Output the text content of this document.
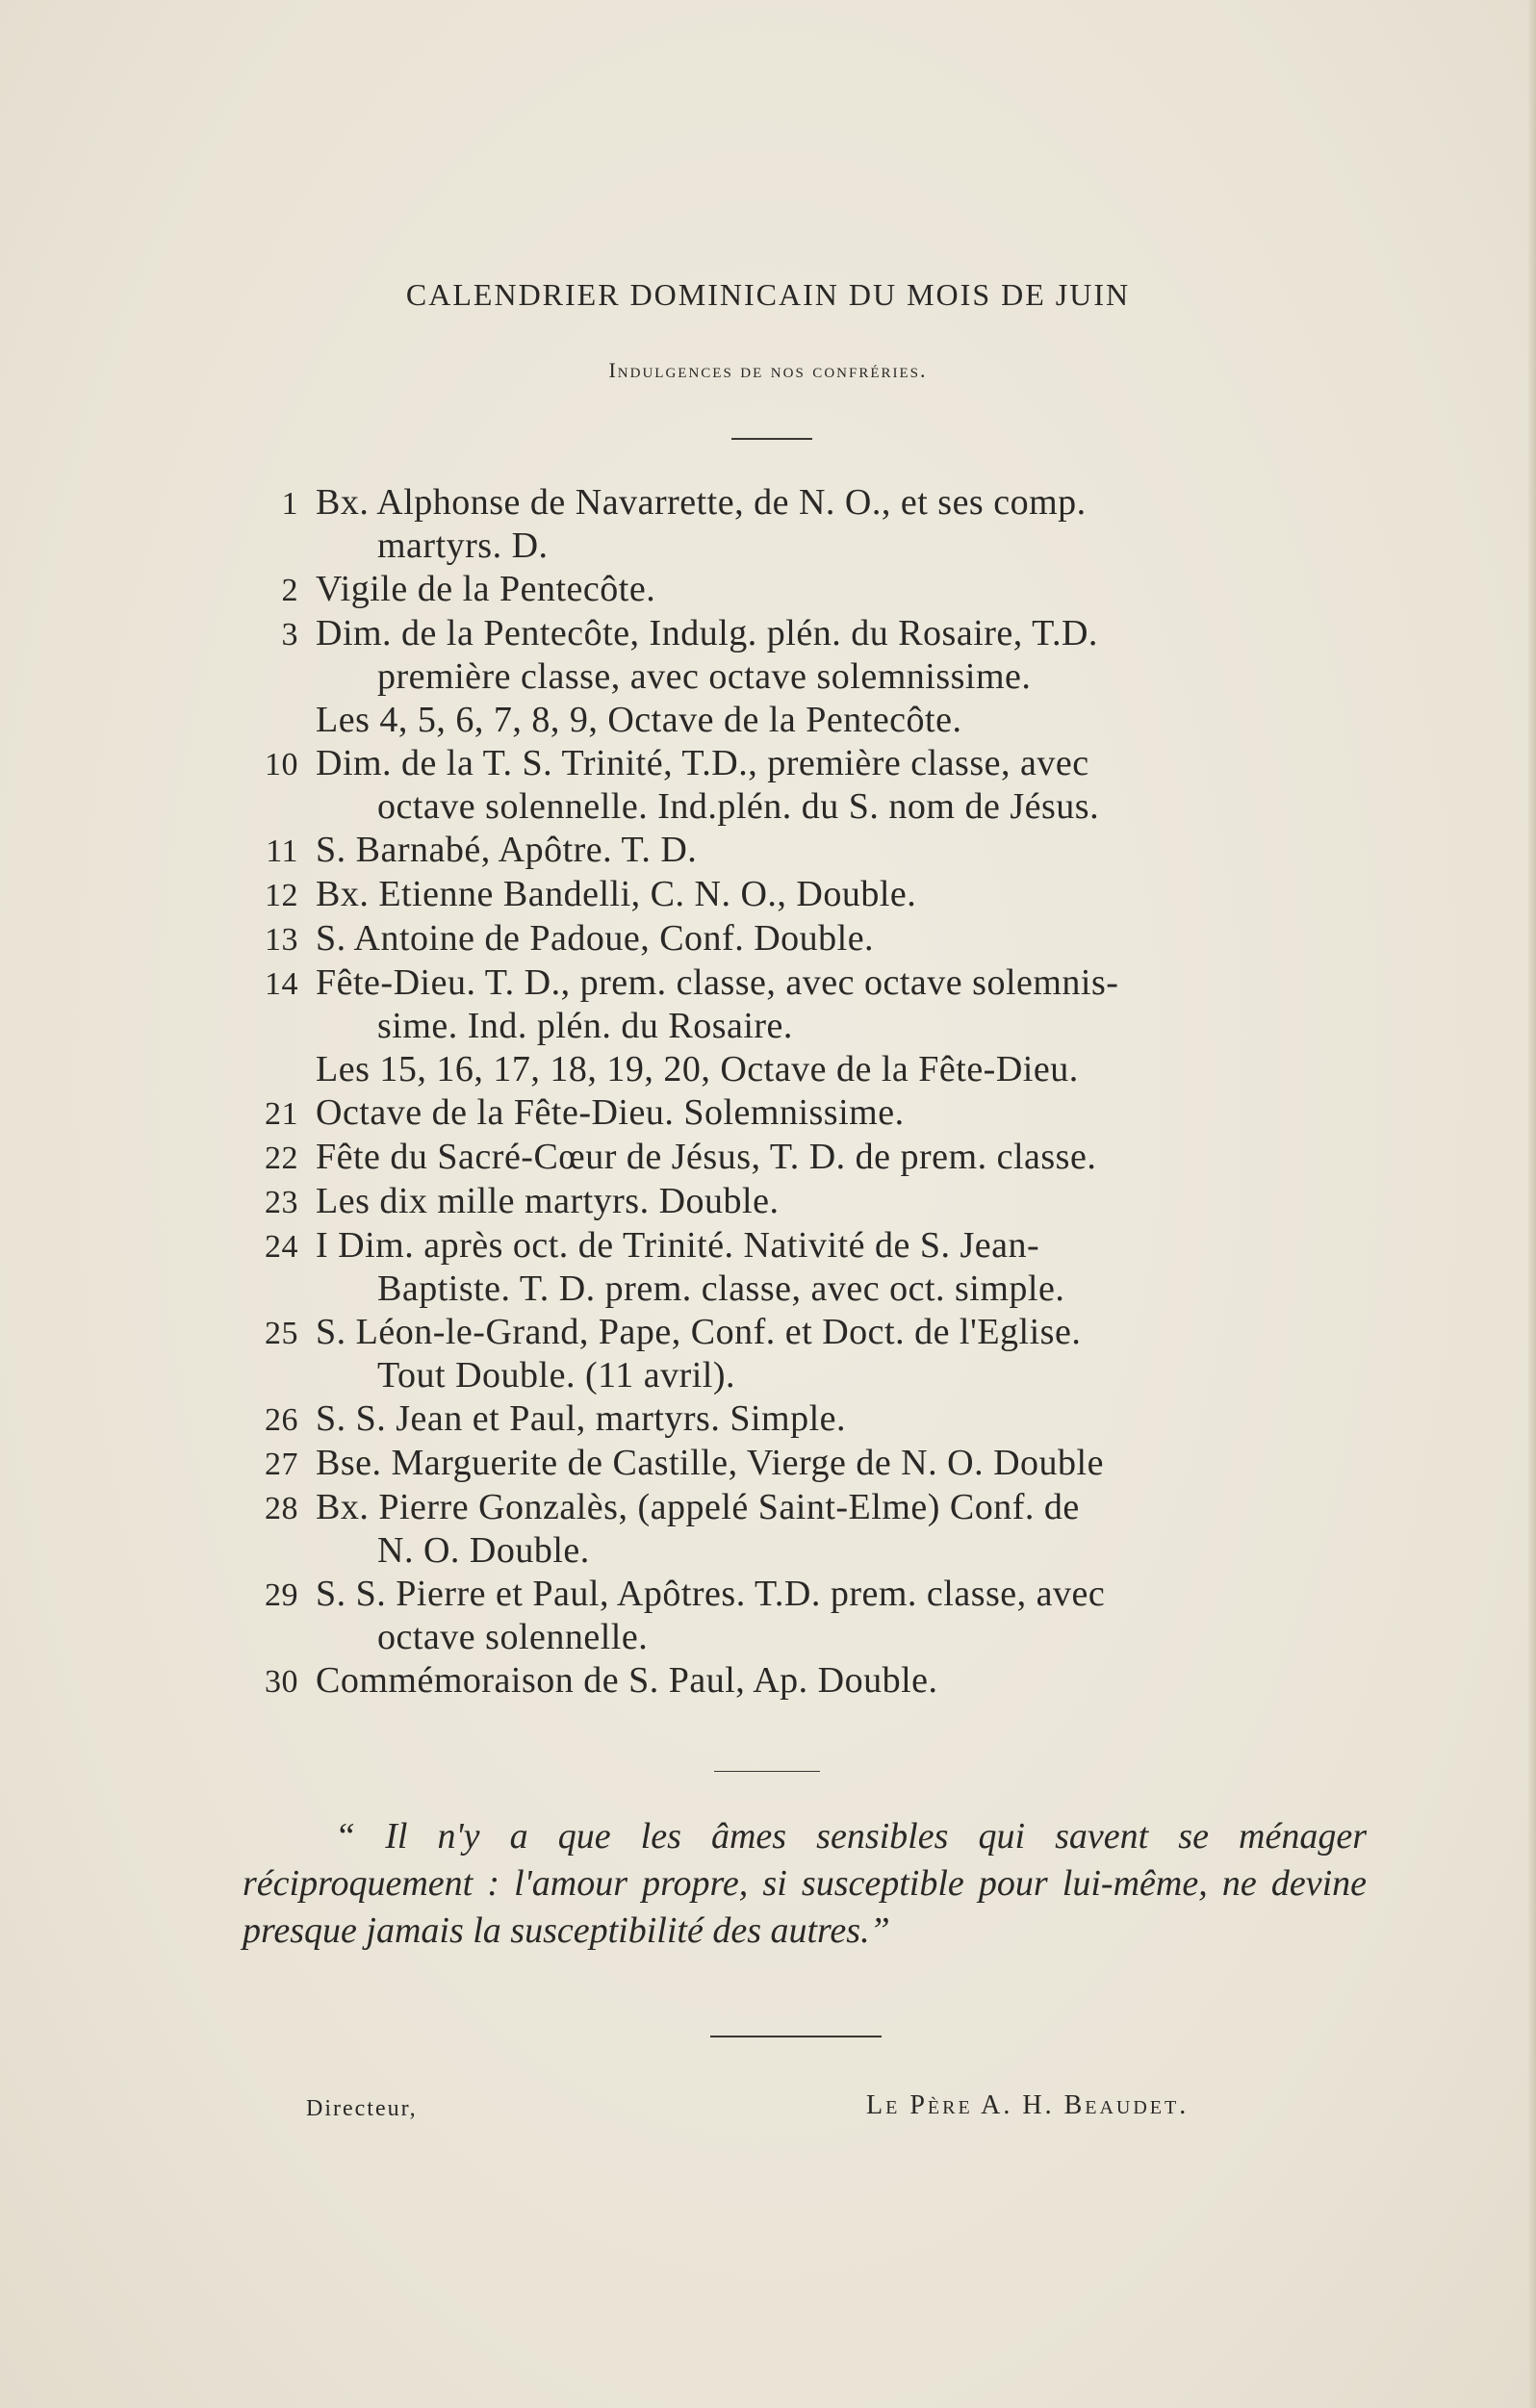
CALENDRIER DOMINICAIN DU MOIS DE JUIN
Indulgences de nos confréries.
1 Bx. Alphonse de Navarrette, de N. O., et ses comp.
martyrs. D.
2 Vigile de la Pentecôte.
3 Dim. de la Pentecôte, Indulg. plén. du Rosaire, T.D.
première classe, avec octave solemnissime.
Les 4, 5, 6, 7, 8, 9, Octave de la Pentecôte.
10 Dim. de la T. S. Trinité, T.D., première classe, avec
octave solennelle. Ind.plén. du S. nom de Jésus.
11 S. Barnabé, Apôtre. T. D.
12 Bx. Etienne Bandelli, C. N. O., Double.
13 S. Antoine de Padoue, Conf. Double.
14 Fête-Dieu. T. D., prem. classe, avec octave solemnis-
sime. Ind. plén. du Rosaire.
Les 15, 16, 17, 18, 19, 20, Octave de la Fête-Dieu.
21 Octave de la Fête-Dieu. Solemnissime.
22 Fête du Sacré-Cœur de Jésus, T. D. de prem. classe.
23 Les dix mille martyrs. Double.
24 I Dim. après oct. de Trinité. Nativité de S. Jean-
Baptiste. T. D. prem. classe, avec oct. simple.
25 S. Léon-le-Grand, Pape, Conf. et Doct. de l'Eglise.
Tout Double. (11 avril).
26 S. S. Jean et Paul, martyrs. Simple.
27 Bse. Marguerite de Castille, Vierge de N. O. Double
28 Bx. Pierre Gonzalès, (appelé Saint-Elme) Conf. de
N. O. Double.
29 S. S. Pierre et Paul, Apôtres. T.D. prem. classe, avec
octave solennelle.
30 Commémoraison de S. Paul, Ap. Double.
“ Il n'y a que les âmes sensibles qui savent se ménager réciproquement : l'amour propre, si susceptible pour lui-même, ne devine presque jamais la susceptibilité des autres.”
Directeur,	Le Père A. H. Beaudet.
